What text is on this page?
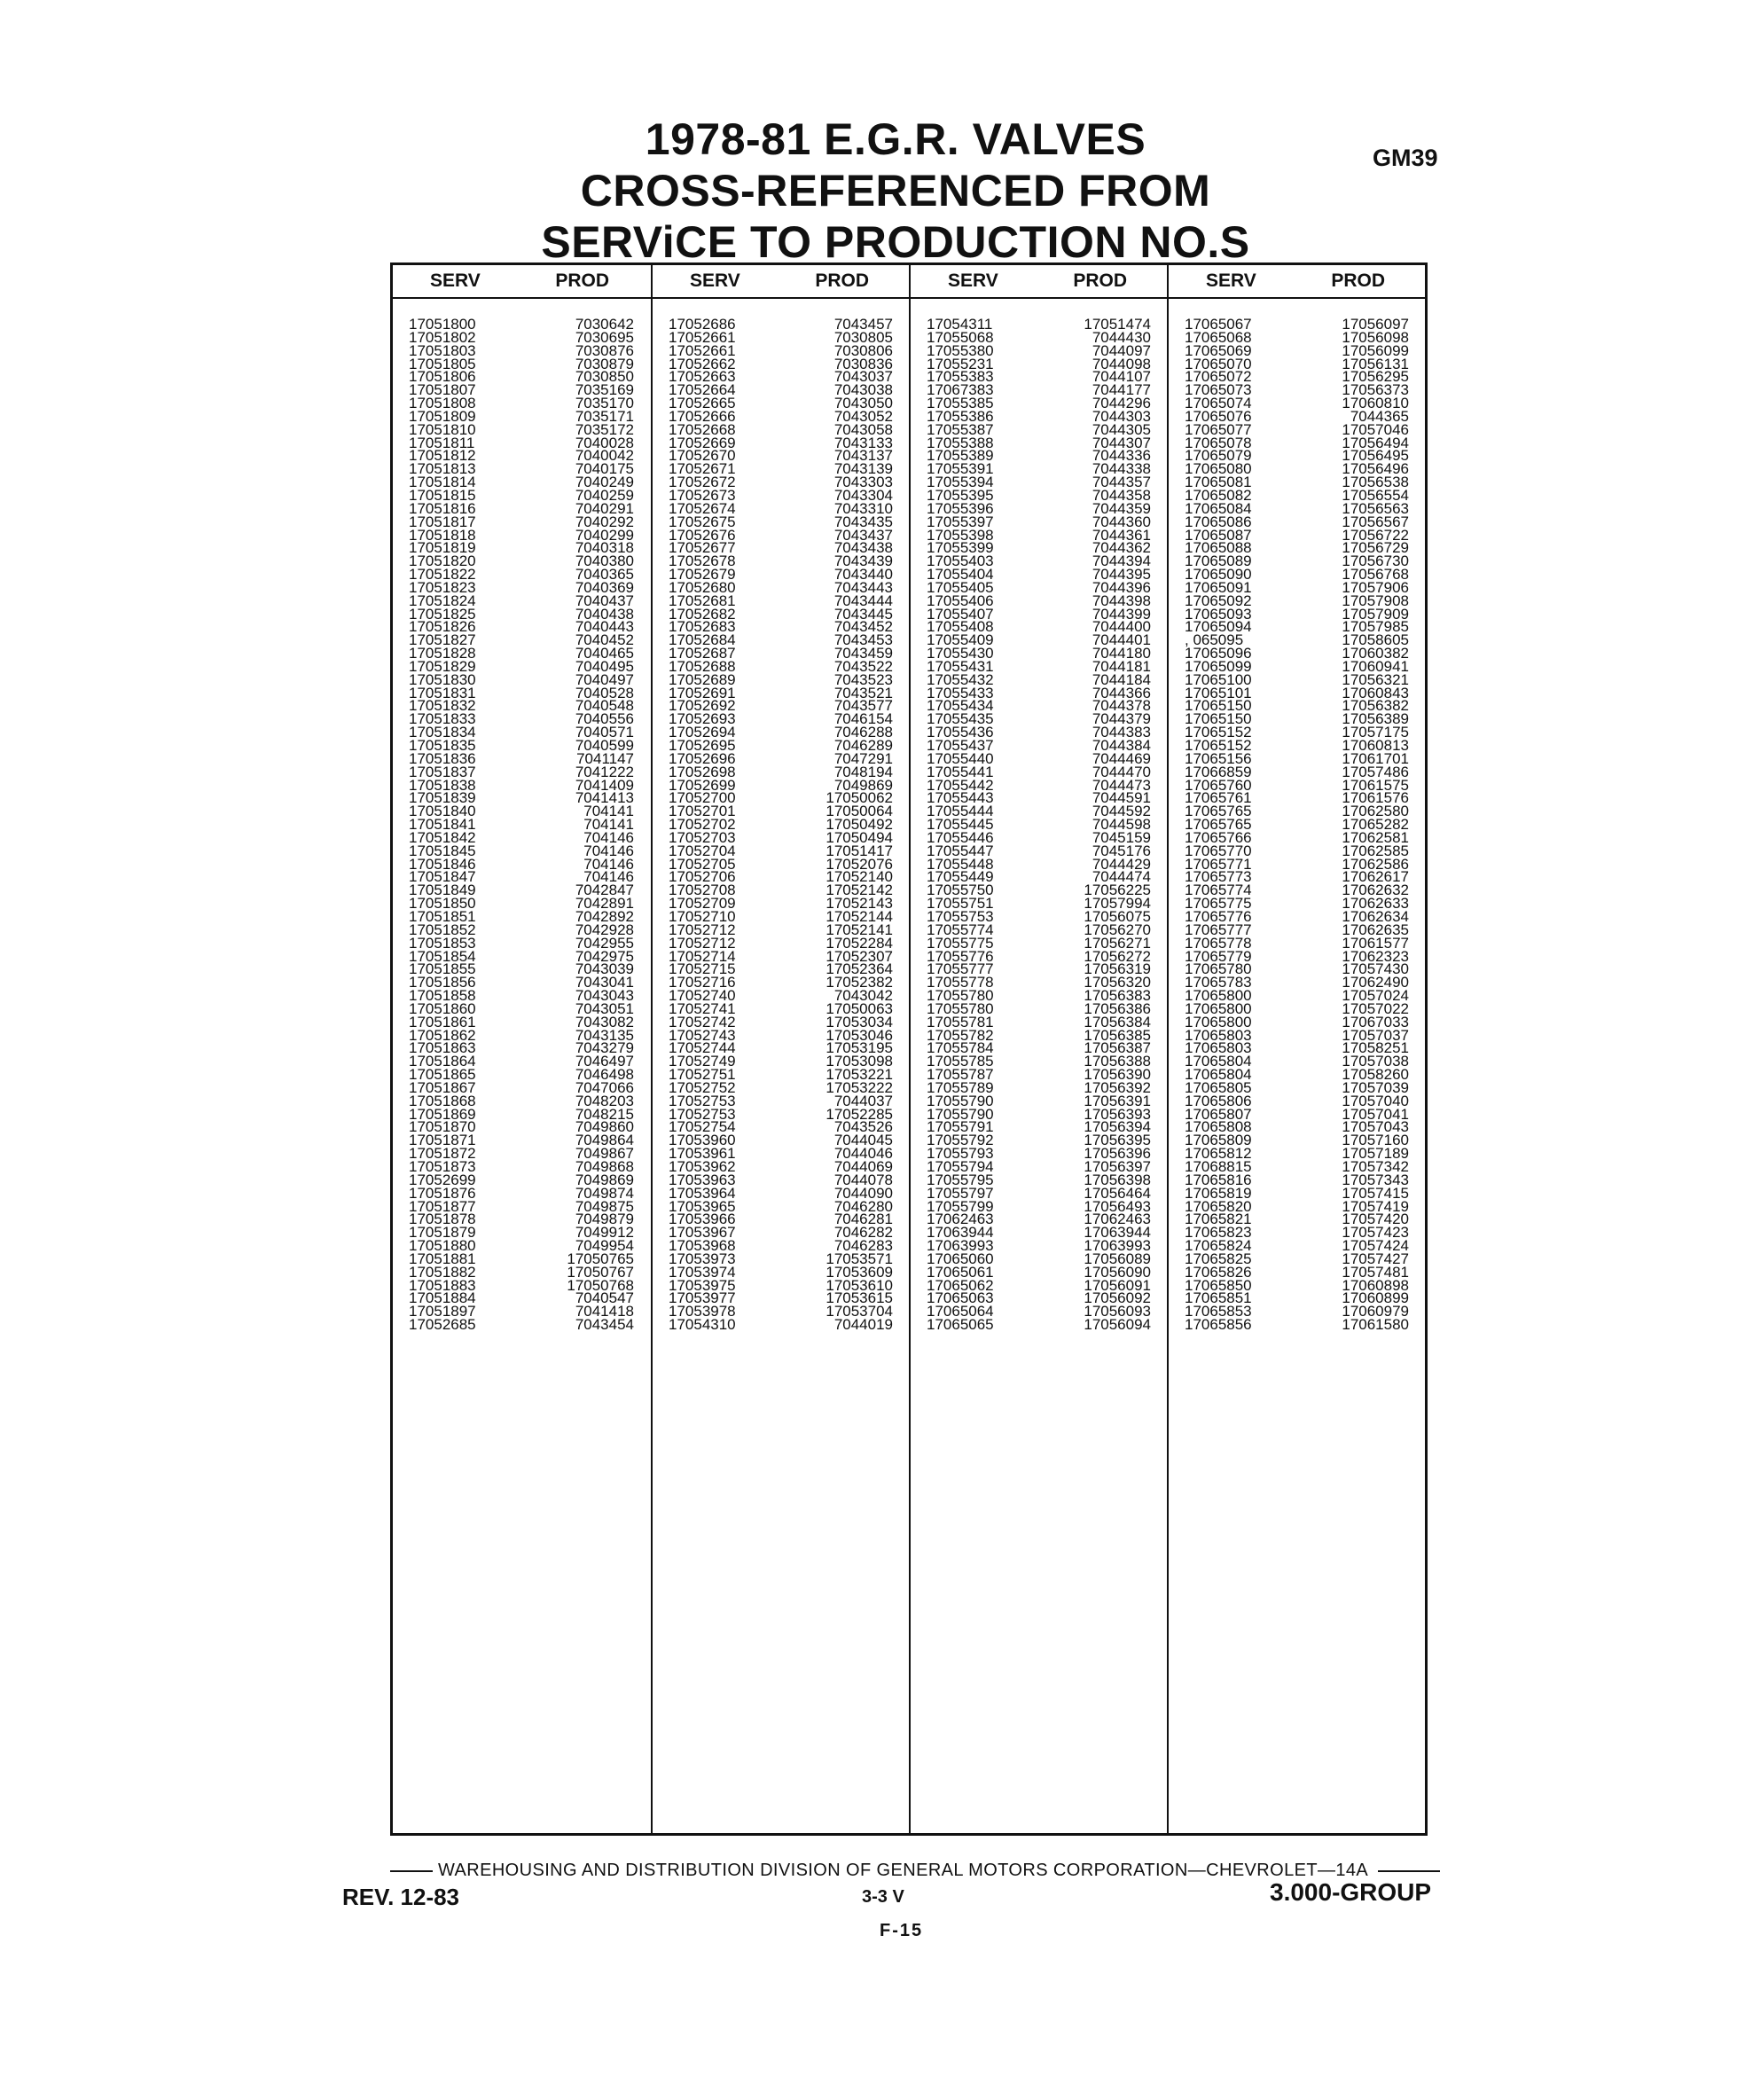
1978-81 E.G.R. VALVES
CROSS-REFERENCED FROM
SERViCE TO PRODUCTION NO.S
GM39
SERV	PROD
17051800	7030642
17051802	7030695
17051803	7030876
17051805	7030879
17051806	7030850
17051807	7035169
17051808	7035170
17051809	7035171
17051810	7035172
17051811	7040028
17051812	7040042
17051813	7040175
17051814	7040249
17051815	7040259
17051816	7040291
17051817	7040292
17051818	7040299
17051819	7040318
17051820	7040380
17051822	7040365
17051823	7040369
17051824	7040437
17051825	7040438
17051826	7040443
17051827	7040452
17051828	7040465
17051829	7040495
17051830	7040497
17051831	7040528
17051832	7040548
17051833	7040556
17051834	7040571
17051835	7040599
17051836	7041147
17051837	7041222
17051838	7041409
17051839	7041413
17051840	704141
17051841	704141
17051842	704146
17051845	704146
17051846	704146
17051847	704146
17051849	7042847
17051850	7042891
17051851	7042892
17051852	7042928
17051853	7042955
17051854	7042975
17051855	7043039
17051856	7043041
17051858	7043043
17051860	7043051
17051861	7043082
17051862	7043135
17051863	7043279
17051864	7046497
17051865	7046498
17051867	7047066
17051868	7048203
17051869	7048215
17051870	7049860
17051871	7049864
17051872	7049867
17051873	7049868
17052699	7049869
17051876	7049874
17051877	7049875
17051878	7049879
17051879	7049912
17051880	7049954
17051881	17050765
17051882	17050767
17051883	17050768
17051884	7040547
17051897	7041418
17052685	7043454
SERV	PROD
17052686	7043457
17052661	7030805
17052661	7030806
17052662	7030836
17052663	7043037
17052664	7043038
17052665	7043050
17052666	7043052
17052668	7043058
17052669	7043133
17052670	7043137
17052671	7043139
17052672	7043303
17052673	7043304
17052674	7043310
17052675	7043435
17052676	7043437
17052677	7043438
17052678	7043439
17052679	7043440
17052680	7043443
17052681	7043444
17052682	7043445
17052683	7043452
17052684	7043453
17052687	7043459
17052688	7043522
17052689	7043523
17052691	7043521
17052692	7043577
17052693	7046154
17052694	7046288
17052695	7046289
17052696	7047291
17052698	7048194
17052699	7049869
17052700	17050062
17052701	17050064
17052702	17050492
17052703	17050494
17052704	17051417
17052705	17052076
17052706	17052140
17052708	17052142
17052709	17052143
17052710	17052144
17052712	17052141
17052712	17052284
17052714	17052307
17052715	17052364
17052716	17052382
17052740	7043042
17052741	17050063
17052742	17053034
17052743	17053046
17052744	17053195
17052749	17053098
17052751	17053221
17052752	17053222
17052753	7044037
17052753	17052285
17052754	7043526
17053960	7044045
17053961	7044046
17053962	7044069
17053963	7044078
17053964	7044090
17053965	7046280
17053966	7046281
17053967	7046282
17053968	7046283
17053973	17053571
17053974	17053609
17053975	17053610
17053977	17053615
17053978	17053704
17054310	7044019
SERV	PROD
17054311	17051474
17055068	7044430
17055380	7044097
17055231	7044098
17055383	7044107
17067383	7044177
17055385	7044296
17055386	7044303
17055387	7044305
17055388	7044307
17055389	7044336
17055391	7044338
17055394	7044357
17055395	7044358
17055396	7044359
17055397	7044360
17055398	7044361
17055399	7044362
17055403	7044394
17055404	7044395
17055405	7044396
17055406	7044398
17055407	7044399
17055408	7044400
17055409	7044401
17055430	7044180
17055431	7044181
17055432	7044184
17055433	7044366
17055434	7044378
17055435	7044379
17055436	7044383
17055437	7044384
17055440	7044469
17055441	7044470
17055442	7044473
17055443	7044591
17055444	7044592
17055445	7044598
17055446	7045159
17055447	7045176
17055448	7044429
17055449	7044474
17055750	17056225
17055751	17057994
17055753	17056075
17055774	17056270
17055775	17056271
17055776	17056272
17055777	17056319
17055778	17056320
17055780	17056383
17055780	17056386
17055781	17056384
17055782	17056385
17055784	17056387
17055785	17056388
17055787	17056390
17055789	17056392
17055790	17056391
17055790	17056393
17055791	17056394
17055792	17056395
17055793	17056396
17055794	17056397
17055795	17056398
17055797	17056464
17055799	17056493
17062463	17062463
17063944	17063944
17063993	17063993
17065060	17056089
17065061	17056090
17065062	17056091
17065063	17056092
17065064	17056093
17065065	17056094
SERV	PROD
17065067	17056097
17065068	17056098
17065069	17056099
17065070	17056131
17065072	17056295
17065073	17056373
17065074	17060810
17065076	7044365
17065077	17057046
17065078	17056494
17065079	17056495
17065080	17056496
17065081	17056538
17065082	17056554
17065084	17056563
17065086	17056567
17065087	17056722
17065088	17056729
17065089	17056730
17065090	17056768
17065091	17057906
17065092	17057908
17065093	17057909
17065094	17057985
, 065095	17058605
17065096	17060382
17065099	17060941
17065100	17056321
17065101	17060843
17065150	17056382
17065150	17056389
17065152	17057175
17065152	17060813
17065156	17061701
17066859	17057486
17065760	17061575
17065761	17061576
17065765	17062580
17065765	17065282
17065766	17062581
17065770	17062585
17065771	17062586
17065773	17062617
17065774	17062632
17065775	17062633
17065776	17062634
17065777	17062635
17065778	17061577
17065779	17062323
17065780	17057430
17065783	17062490
17065800	17057024
17065800	17057022
17065800	17067033
17065803	17057037
17065803	17058251
17065804	17057038
17065804	17058260
17065805	17057039
17065806	17057040
17065807	17057041
17065808	17057043
17065809	17057160
17065812	17057189
17068815	17057342
17065816	17057343
17065819	17057415
17065820	17057419
17065821	17057420
17065823	17057423
17065824	17057424
17065825	17057427
17065826	17057481
17065850	17060898
17065851	17060899
17065853	17060979
17065856	17061580
WAREHOUSING AND DISTRIBUTION DIVISION OF GENERAL MOTORS CORPORATION—CHEVROLET—14A
REV. 12-83	3-3 V
F-15
3.000-GROUP
